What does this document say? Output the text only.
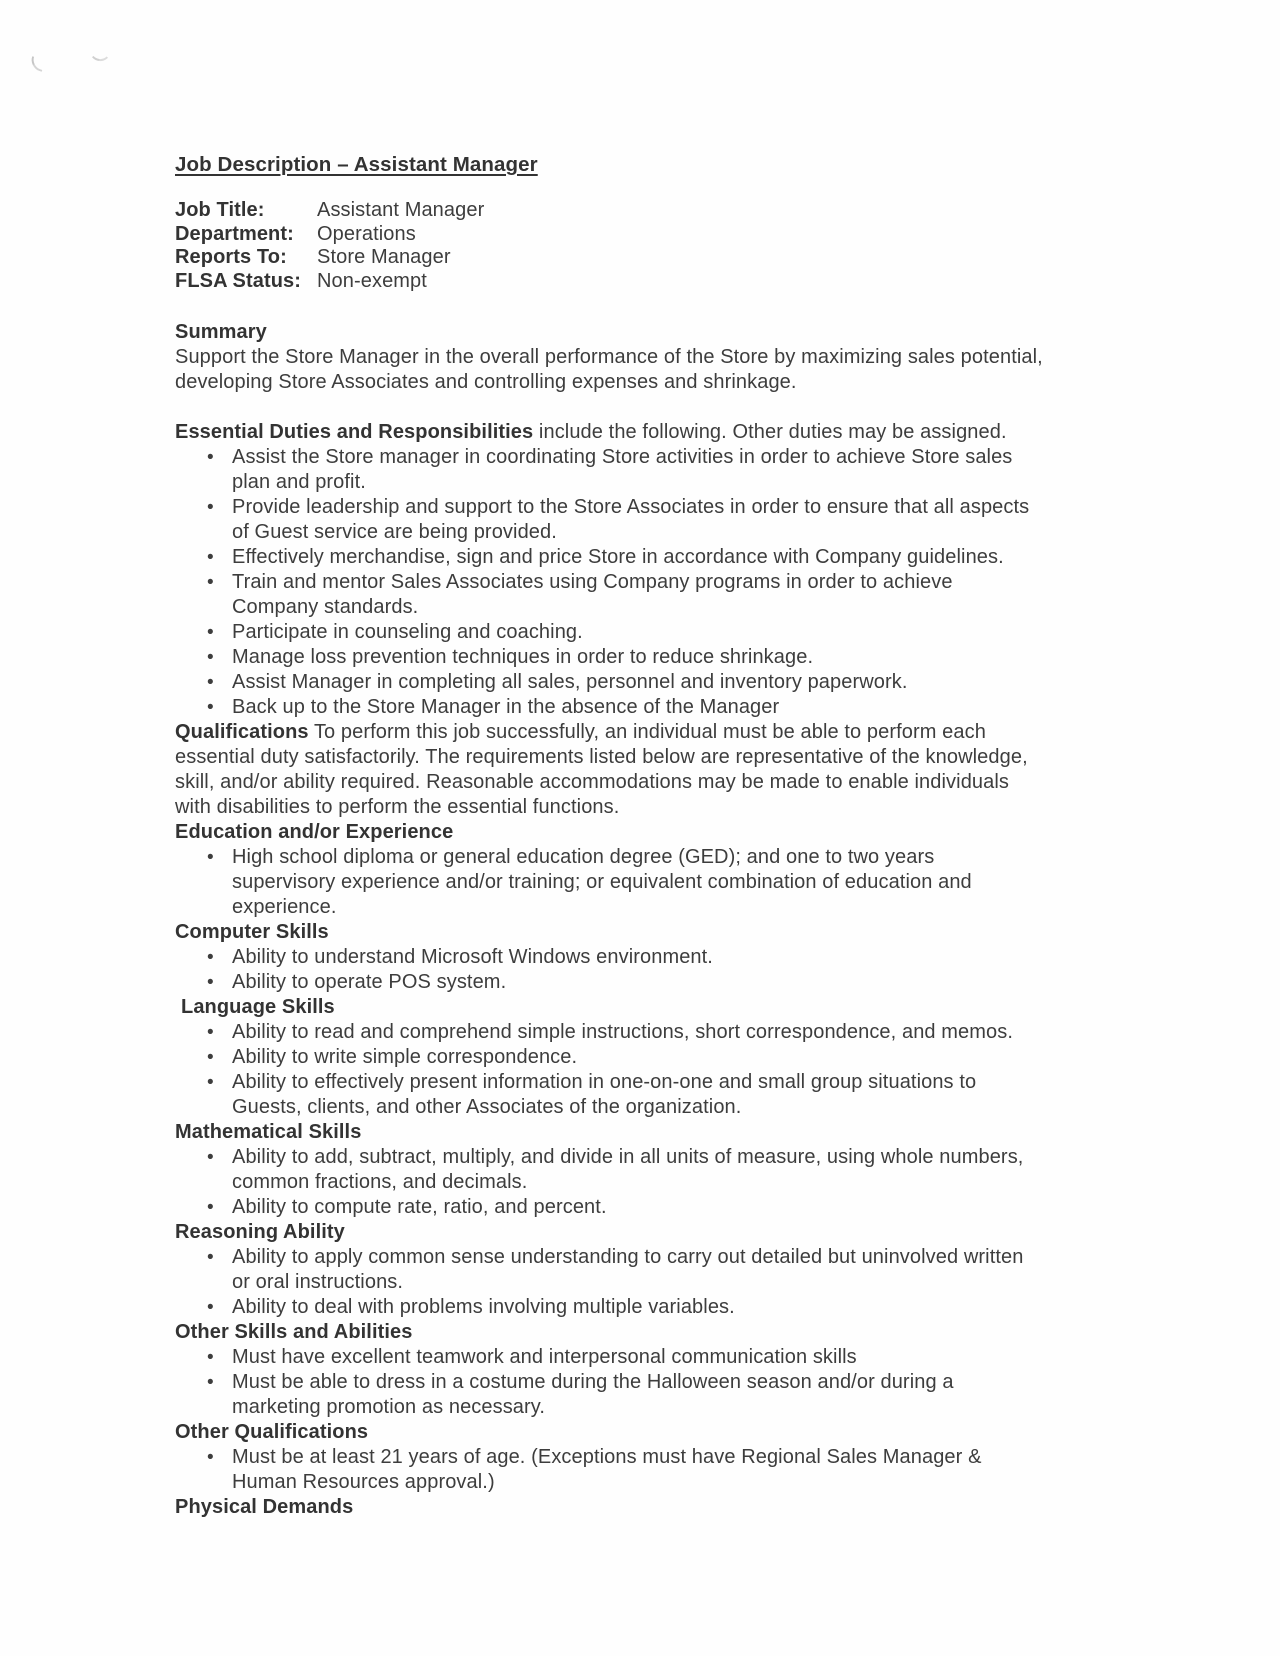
Job Description – Assistant Manager
Job Title:	Assistant Manager
Department:	Operations
Reports To:	Store Manager
FLSA Status: Non-exempt
Summary
Support the Store Manager in the overall performance of the Store by maximizing sales potential, developing Store Associates and controlling expenses and shrinkage.

Essential Duties and Responsibilities include the following. Other duties may be assigned.

• Assist the Store manager in coordinating Store activities in order to achieve Store sales plan and profit.
• Provide leadership and support to the Store Associates in order to ensure that all aspects of Guest service are being provided.
• Effectively merchandise, sign and price Store in accordance with Company guidelines.
• Train and mentor Sales Associates using Company programs in order to achieve Company standards.
• Participate in counseling and coaching.
• Manage loss prevention techniques in order to reduce shrinkage.
• Assist Manager in completing all sales, personnel and inventory paperwork.
• Back up to the Store Manager in the absence of the Manager

Qualifications To perform this job successfully, an individual must be able to perform each essential duty satisfactorily. The requirements listed below are representative of the knowledge, skill, and/or ability required. Reasonable accommodations may be made to enable individuals with disabilities to perform the essential functions.

Education and/or Experience
• High school diploma or general education degree (GED); and one to two years supervisory experience and/or training; or equivalent combination of education and experience.
Computer Skills
• Ability to understand Microsoft Windows environment.
• Ability to operate POS system.
Language Skills
• Ability to read and comprehend simple instructions, short correspondence, and memos.
• Ability to write simple correspondence.
• Ability to effectively present information in one-on-one and small group situations to Guests, clients, and other Associates of the organization.
Mathematical Skills
• Ability to add, subtract, multiply, and divide in all units of measure, using whole numbers, common fractions, and decimals.
• Ability to compute rate, ratio, and percent.
Reasoning Ability
• Ability to apply common sense understanding to carry out detailed but uninvolved written or oral instructions.
• Ability to deal with problems involving multiple variables.
Other Skills and Abilities
• Must have excellent teamwork and interpersonal communication skills
• Must be able to dress in a costume during the Halloween season and/or during a marketing promotion as necessary.
Other Qualifications
• Must be at least 21 years of age. (Exceptions must have Regional Sales Manager & Human Resources approval.)
Physical Demands
